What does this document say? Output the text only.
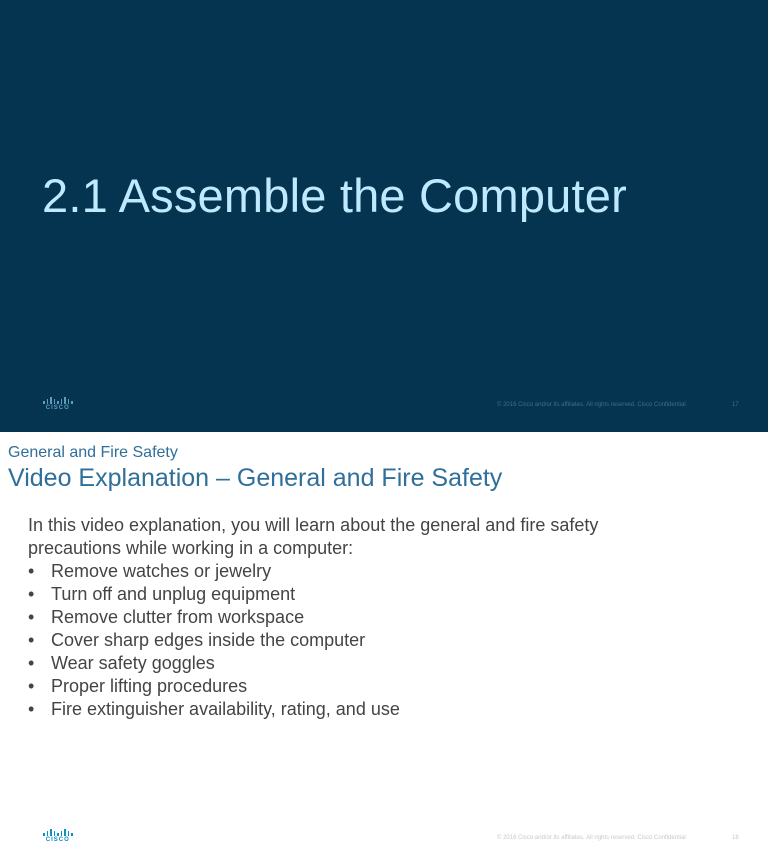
2.1 Assemble the Computer
CISCO	© 2016 Cisco and/or its affiliates. All rights reserved. Cisco Confidential	17
General and Fire Safety
Video Explanation – General and Fire Safety
In this video explanation, you will learn about the general and fire safety precautions while working in a computer:
• Remove watches or jewelry
• Turn off and unplug equipment
• Remove clutter from workspace
• Cover sharp edges inside the computer
• Wear safety goggles
• Proper lifting procedures
• Fire extinguisher availability, rating, and use
CISCO	© 2016 Cisco and/or its affiliates. All rights reserved. Cisco Confidential	18
